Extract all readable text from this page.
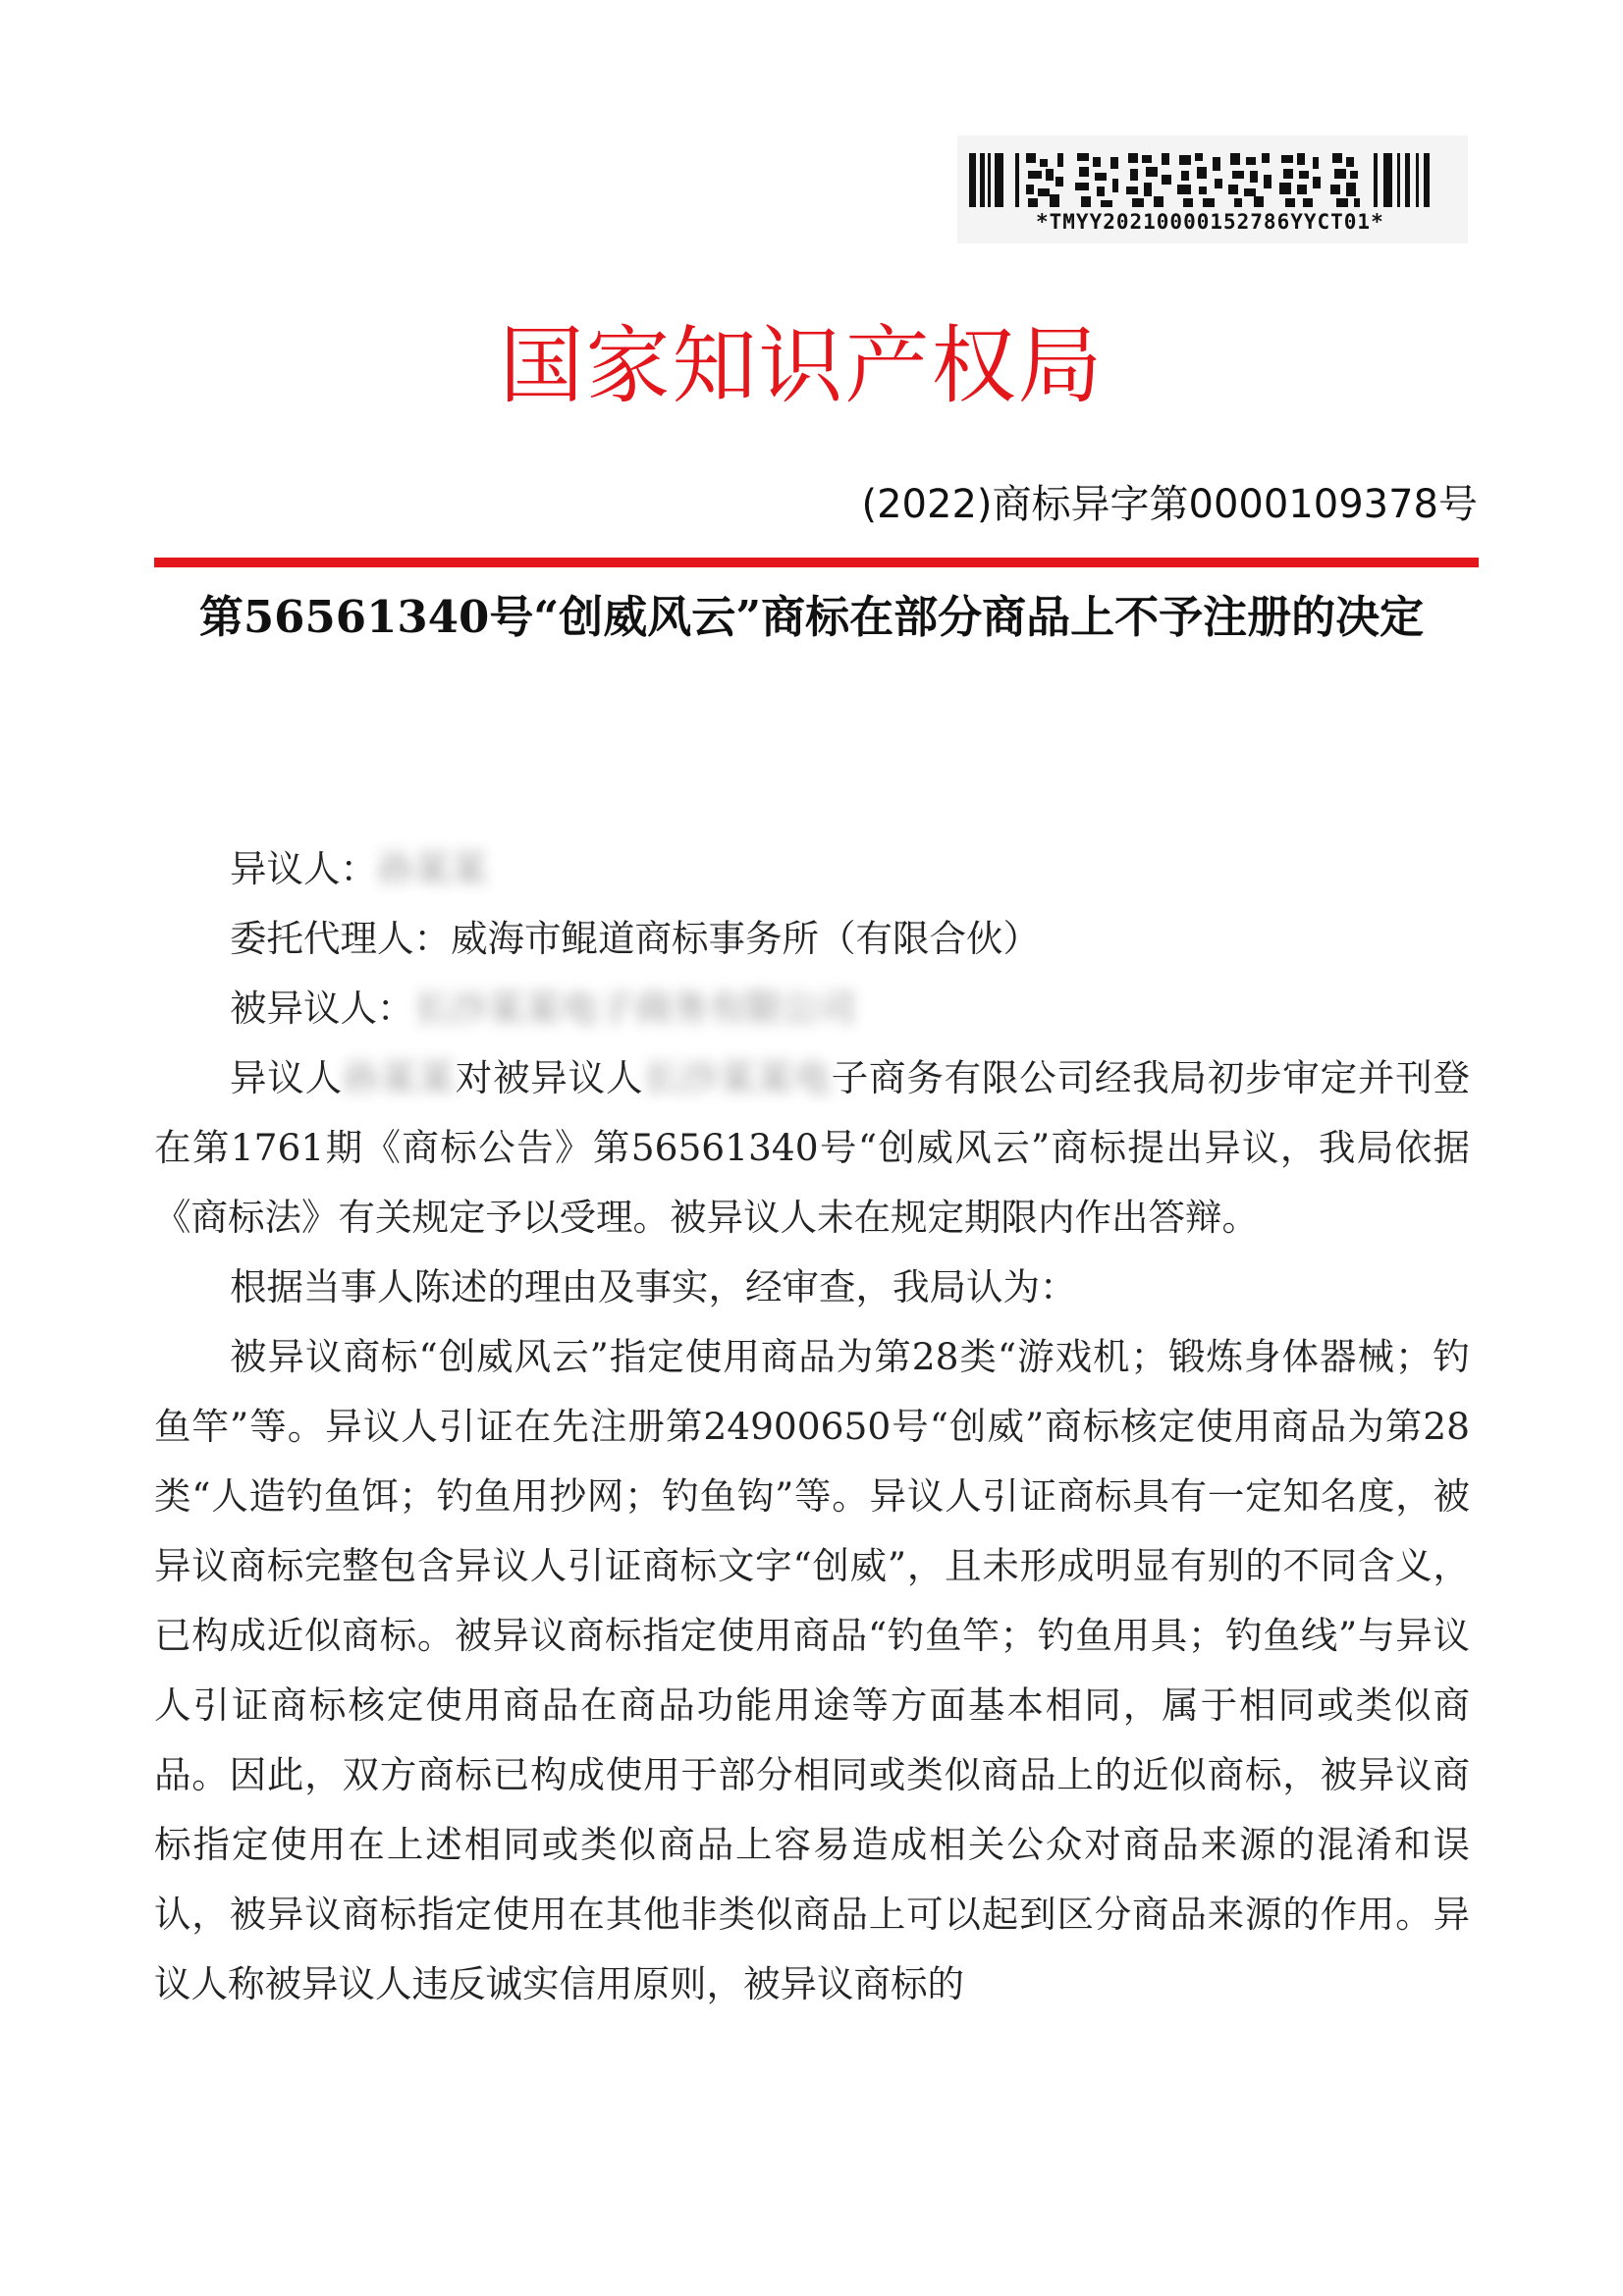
*TMYY20210000152786YYCT01*
国家知识产权局
(2022)商标异字第0000109378号
第56561340号“创威风云”商标在部分商品上不予注册的决定

异议人：孙某某

委托代理人：威海市鲲道商标事务所（有限合伙）

被异议人：长沙某某电子商务有限公司

异议人孙某某对被异议人长沙某某电子商务有限公司经我局初步审定并刊登在第1761期《商标公告》第56561340号“创威风云”商标提出异议，我局依据《商标法》有关规定予以受理。被异议人未在规定期限内作出答辩。

根据当事人陈述的理由及事实，经审查，我局认为：

被异议商标“创威风云”指定使用商品为第28类“游戏机；锻炼身体器械；钓鱼竿”等。异议人引证在先注册第24900650号“创威”商标核定使用商品为第28类“人造钓鱼饵；钓鱼用抄网；钓鱼钩”等。异议人引证商标具有一定知名度，被异议商标完整包含异议人引证商标文字“创威”，且未形成明显有别的不同含义，已构成近似商标。被异议商标指定使用商品“钓鱼竿；钓鱼用具；钓鱼线”与异议人引证商标核定使用商品在商品功能用途等方面基本相同，属于相同或类似商品。因此，双方商标已构成使用于部分相同或类似商品上的近似商标，被异议商标指定使用在上述相同或类似商品上容易造成相关公众对商品来源的混淆和误认，被异议商标指定使用在其他非类似商品上可以起到区分商品来源的作用。异议人称被异议人违反诚实信用原则，被异议商标的
